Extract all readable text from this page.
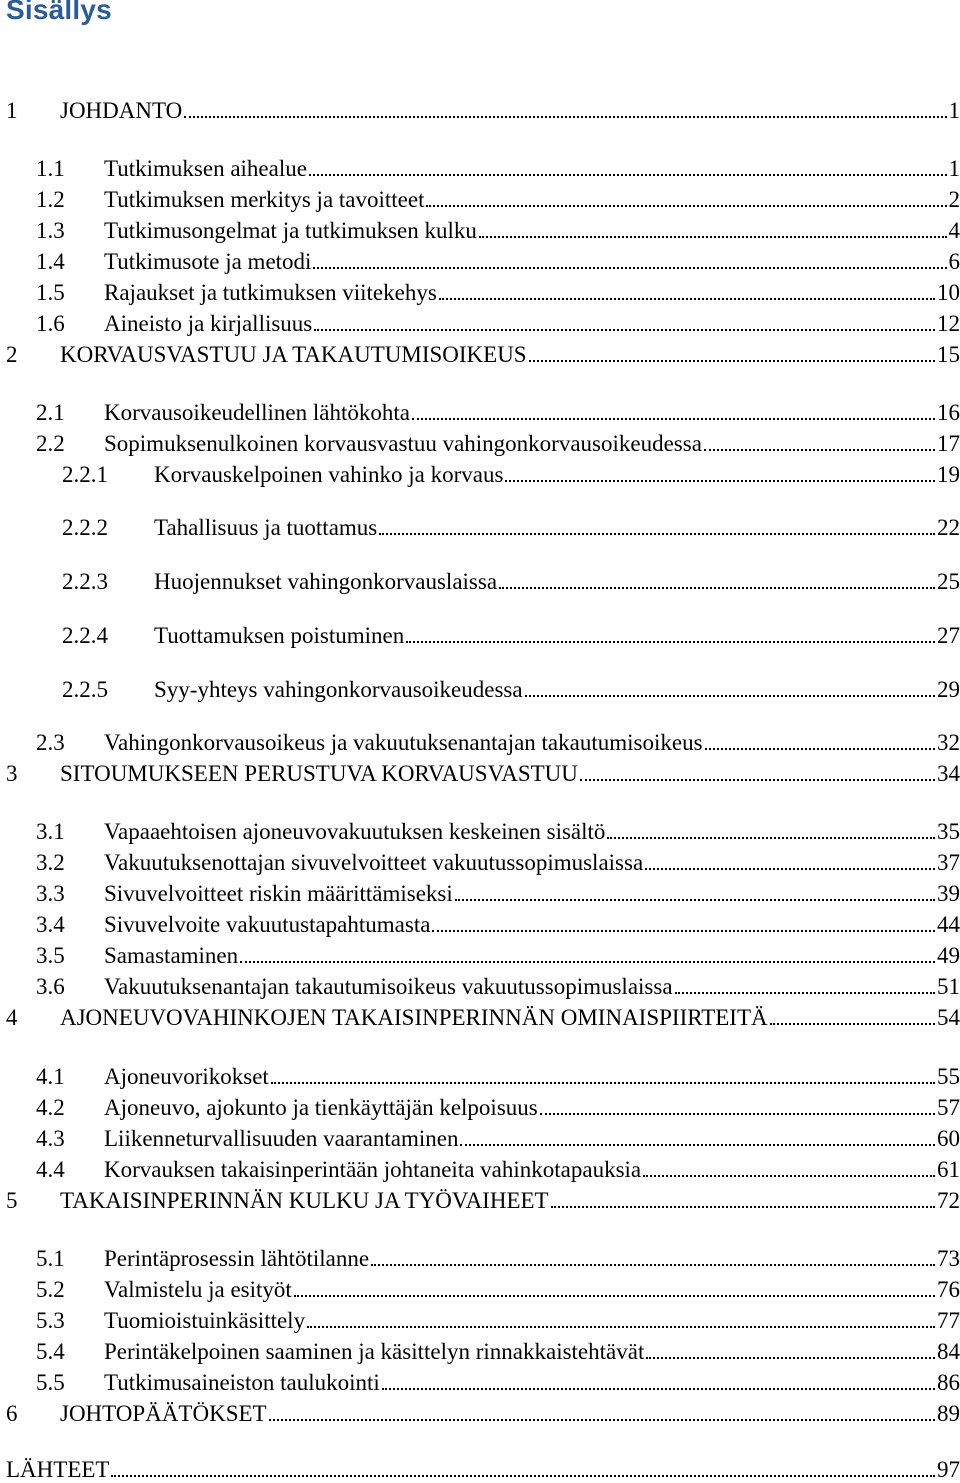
Sisällys
1 JOHDANTO	1
1.1 Tutkimuksen aihealue	1
1.2 Tutkimuksen merkitys ja tavoitteet	2
1.3 Tutkimusongelmat ja tutkimuksen kulku	4
1.4 Tutkimusote ja metodi	6
1.5 Rajaukset ja tutkimuksen viitekehys	10
1.6 Aineisto ja kirjallisuus	12
2 KORVAUSVASTUU JA TAKAUTUMISOIKEUS	15
2.1 Korvausoikeudellinen lähtökohta	16
2.2 Sopimuksenulkoinen korvausvastuu vahingonkorvausoikeudessa	17
2.2.1 Korvauskelpoinen vahinko ja korvaus	19
2.2.2 Tahallisuus ja tuottamus	22
2.2.3 Huojennukset vahingonkorvauslaissa	25
2.2.4 Tuottamuksen poistuminen	27
2.2.5 Syy-yhteys vahingonkorvausoikeudessa	29
2.3 Vahingonkorvausoikeus ja vakuutuksenantajan takautumisoikeus	32
3 SITOUMUKSEEN PERUSTUVA KORVAUSVASTUU	34
3.1 Vapaaehtoisen ajoneuvovakuutuksen keskeinen sisältö	35
3.2 Vakuutuksenottajan sivuvelvoitteet vakuutussopimuslaissa	37
3.3 Sivuvelvoitteet riskin määrittämiseksi	39
3.4 Sivuvelvoite vakuutustapahtumasta	44
3.5 Samastaminen	49
3.6 Vakuutuksenantajan takautumisoikeus vakuutussopimuslaissa	51
4 AJONEUVOVAHINKOJEN TAKAISINPERINNÄN OMINAISPIIRTEITÄ	54
4.1 Ajoneuvorikokset	55
4.2 Ajoneuvo, ajokunto ja tienkäyttäjän kelpoisuus	57
4.3 Liikenneturvallisuuden vaarantaminen	60
4.4 Korvauksen takaisinperintään johtaneita vahinkotapauksia	61
5 TAKAISINPERINNÄN KULKU JA TYÖVAIHEET	72
5.1 Perintäprosessin lähtötilanne	73
5.2 Valmistelu ja esityöt	76
5.3 Tuomioistuinkäsittely	77
5.4 Perintäkelpoinen saaminen ja käsittelyn rinnakkaistehtävät	84
5.5 Tutkimusaineiston taulukointi	86
6 JOHTOPÄÄTÖKSET	89
LÄHTEET	97
